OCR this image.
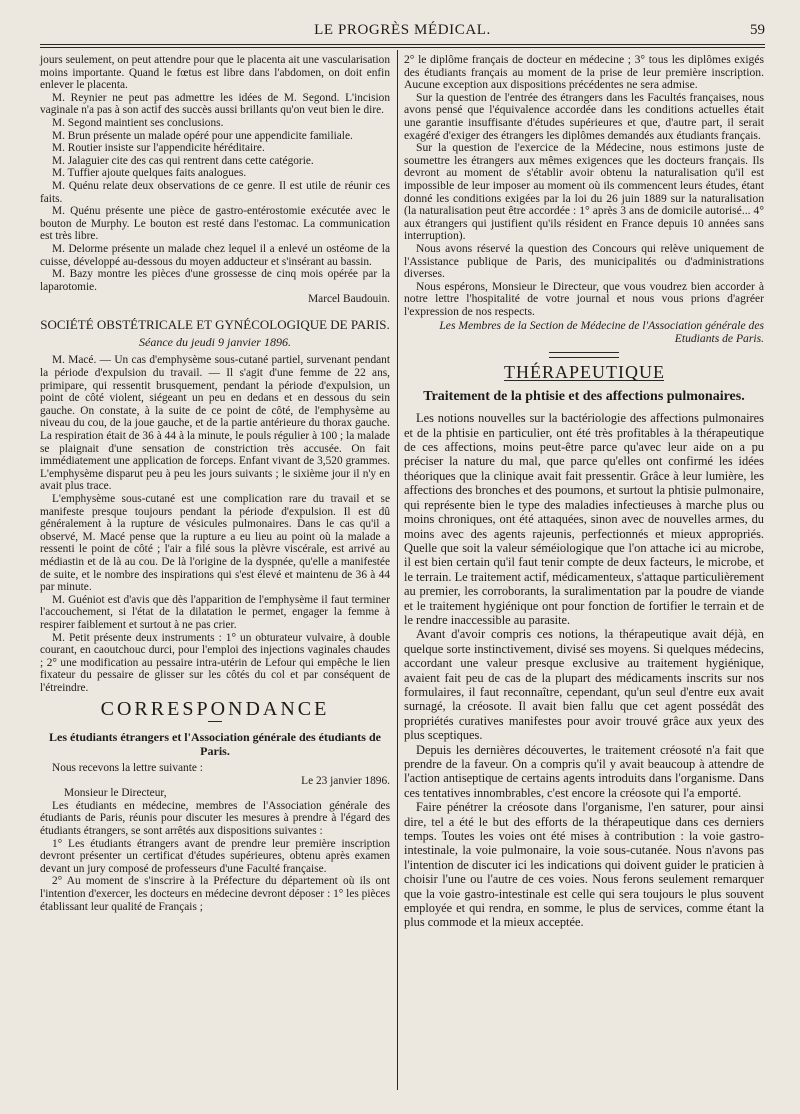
LE PROGRÈS MÉDICAL.	59

jours seulement, on peut attendre pour que le placenta ait une vascularisation moins importante. Quand le fœtus est libre dans l'abdomen, on doit enfin enlever le placenta.

M. Reynier ne peut pas admettre les idées de M. Segond. L'incision vaginale n'a pas à son actif des succès aussi brillants qu'on veut bien le dire.

M. Segond maintient ses conclusions.

M. Brun présente un malade opéré pour une appendicite familiale.

M. Routier insiste sur l'appendicite héréditaire.

M. Jalaguier cite des cas qui rentrent dans cette catégorie.

M. Tuffier ajoute quelques faits analogues.

M. Quénu relate deux observations de ce genre. Il est utile de réunir ces faits.

M. Quénu présente une pièce de gastro-entérostomie exécutée avec le bouton de Murphy. Le bouton est resté dans l'estomac. La communication est très libre.

M. Delorme présente un malade chez lequel il a enlevé un ostéome de la cuisse, développé au-dessous du moyen adducteur et s'insérant au bassin.

M. Bazy montre les pièces d'une grossesse de cinq mois opérée par la laparotomie.

Marcel Baudouin.

SOCIÉTÉ OBSTÉTRICALE ET GYNÉCOLOGIQUE DE PARIS.

Séance du jeudi 9 janvier 1896.

M. Macé. — Un cas d'emphysème sous-cutané partiel, survenant pendant la période d'expulsion du travail. — Il s'agit d'une femme de 22 ans, primipare, qui ressentit brusquement, pendant la période d'expulsion, un point de côté violent, siégeant un peu en dedans et en dessous du sein gauche. On constate, à la suite de ce point de côté, de l'emphysème au niveau du cou, de la joue gauche, et de la partie antérieure du thorax gauche. La respiration était de 36 à 44 à la minute, le pouls régulier à 100 ; la malade se plaignait d'une sensation de constriction très accusée. On fait immédiatement une application de forceps. Enfant vivant de 3,520 grammes. L'emphysème disparut peu à peu les jours suivants ; le sixième jour il n'y en avait plus trace.

L'emphysème sous-cutané est une complication rare du travail et se manifeste presque toujours pendant la période d'expulsion. Il est dû généralement à la rupture de vésicules pulmonaires. Dans le cas qu'il a observé, M. Macé pense que la rupture a eu lieu au point où la malade a ressenti le point de côté ; l'air a filé sous la plèvre viscérale, est arrivé au médiastin et de là au cou. De là l'origine de la dyspnée, qu'elle a manifestée de suite, et le nombre des inspirations qui s'est élevé et maintenu de 36 à 44 par minute.

M. Guéniot est d'avis que dès l'apparition de l'emphysème il faut terminer l'accouchement, si l'état de la dilatation le permet, engager la femme à respirer faiblement et surtout à ne pas crier.

M. Petit présente deux instruments : 1° un obturateur vulvaire, à double courant, en caoutchouc durci, pour l'emploi des injections vaginales chaudes ; 2° une modification au pessaire intra-utérin de Lefour qui empêche le lien fixateur du pessaire de glisser sur les côtés du col et par conséquent de l'étreindre.

CORRESPONDANCE

Les étudiants étrangers et l'Association générale des étudiants de Paris.

Nous recevons la lettre suivante :

Le 23 janvier 1896.

Monsieur le Directeur,

Les étudiants en médecine, membres de l'Association générale des étudiants de Paris, réunis pour discuter les mesures à prendre à l'égard des étudiants étrangers, se sont arrêtés aux dispositions suivantes :

1° Les étudiants étrangers avant de prendre leur première inscription devront présenter un certificat d'études supérieures, obtenu après examen devant un jury composé de professeurs d'une Faculté française.

2° Au moment de s'inscrire à la Préfecture du département où ils ont l'intention d'exercer, les docteurs en médecine devront déposer : 1° les pièces établissant leur qualité de Français ;

2° le diplôme français de docteur en médecine ; 3° tous les diplômes exigés des étudiants français au moment de la prise de leur première inscription. Aucune exception aux dispositions précédentes ne sera admise.

Sur la question de l'entrée des étrangers dans les Facultés françaises, nous avons pensé que l'équivalence accordée dans les conditions actuelles était une garantie insuffisante d'études supérieures et que, d'autre part, il serait exagéré d'exiger des étrangers les diplômes demandés aux étudiants français.

Sur la question de l'exercice de la Médecine, nous estimons juste de soumettre les étrangers aux mêmes exigences que les docteurs français. Ils devront au moment de s'établir avoir obtenu la naturalisation qu'il est impossible de leur imposer au moment où ils commencent leurs études, étant donné les conditions exigées par la loi du 26 juin 1889 sur la naturalisation (la naturalisation peut être accordée : 1° après 3 ans de domicile autorisé... 4° aux étrangers qui justifient qu'ils résident en France depuis 10 années sans interruption).

Nous avons réservé la question des Concours qui relève uniquement de l'Assistance publique de Paris, des municipalités ou d'administrations diverses.

Nous espérons, Monsieur le Directeur, que vous voudrez bien accorder à notre lettre l'hospitalité de votre journal et nous vous prions d'agréer l'expression de nos respects.

Les Membres de la Section de Médecine de l'Association générale des Etudiants de Paris.

THÉRAPEUTIQUE

Traitement de la phtisie et des affections pulmonaires.

Les notions nouvelles sur la bactériologie des affections pulmonaires et de la phtisie en particulier, ont été très profitables à la thérapeutique de ces affections, moins peut-être parce qu'avec leur aide on a pu préciser la nature du mal, que parce qu'elles ont confirmé les idées théoriques que la clinique avait fait pressentir. Grâce à leur lumière, les affections des bronches et des poumons, et surtout la phtisie pulmonaire, qui représente bien le type des maladies infectieuses à marche plus ou moins chroniques, ont été attaquées, sinon avec de nouvelles armes, du moins avec des agents rajeunis, perfectionnés et mieux appropriés. Quelle que soit la valeur séméiologique que l'on attache ici au microbe, il est bien certain qu'il faut tenir compte de deux facteurs, le microbe, et le terrain. Le traitement actif, médicamenteux, s'attaque particulièrement au premier, les corroborants, la suralimentation par la poudre de viande et le traitement hygiénique ont pour fonction de fortifier le terrain et de le rendre inaccessible au parasite.

Avant d'avoir compris ces notions, la thérapeutique avait déjà, en quelque sorte instinctivement, divisé ses moyens. Si quelques médecins, accordant une valeur presque exclusive au traitement hygiénique, avaient fait peu de cas de la plupart des médicaments inscrits sur nos formulaires, il faut reconnaître, cependant, qu'un seul d'entre eux avait surnagé, la créosote. Il avait bien fallu que cet agent possédât des propriétés curatives manifestes pour avoir trouvé grâce aux yeux des plus sceptiques.

Depuis les dernières découvertes, le traitement créosoté n'a fait que prendre de la faveur. On a compris qu'il y avait beaucoup à attendre de l'action antiseptique de certains agents introduits dans l'organisme. Dans ces tentatives innombrables, c'est encore la créosote qui l'a emporté.

Faire pénétrer la créosote dans l'organisme, l'en saturer, pour ainsi dire, tel a été le but des efforts de la thérapeutique dans ces derniers temps. Toutes les voies ont été mises à contribution : la voie gastro-intestinale, la voie pulmonaire, la voie sous-cutanée. Nous n'avons pas l'intention de discuter ici les indications qui doivent guider le praticien à choisir l'une ou l'autre de ces voies. Nous ferons seulement remarquer que la voie gastro-intestinale est celle qui sera toujours le plus souvent employée et qui rendra, en somme, le plus de services, comme étant la plus commode et la mieux acceptée.
